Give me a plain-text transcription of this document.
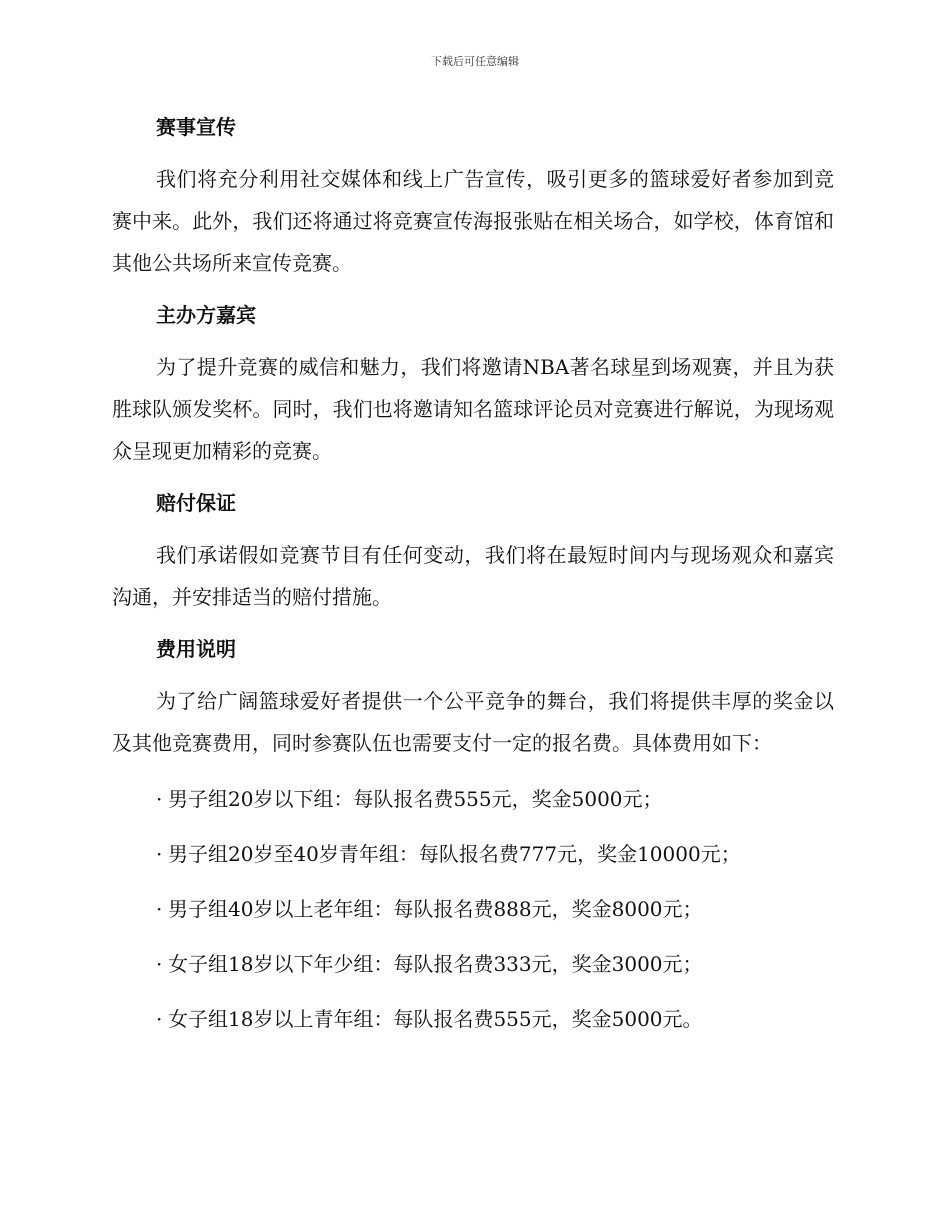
下载后可任意编辑
赛事宣传

我们将充分利用社交媒体和线上广告宣传，吸引更多的篮球爱好者参加到竞赛中来。此外，我们还将通过将竞赛宣传海报张贴在相关场合，如学校，体育馆和其他公共场所来宣传竞赛。

主办方嘉宾

为了提升竞赛的威信和魅力，我们将邀请NBA著名球星到场观赛，并且为获胜球队颁发奖杯。同时，我们也将邀请知名篮球评论员对竞赛进行解说，为现场观众呈现更加精彩的竞赛。

赔付保证

我们承诺假如竞赛节目有任何变动，我们将在最短时间内与现场观众和嘉宾沟通，并安排适当的赔付措施。

费用说明

为了给广阔篮球爱好者提供一个公平竞争的舞台，我们将提供丰厚的奖金以及其他竞赛费用，同时参赛队伍也需要支付一定的报名费。具体费用如下：

· 男子组20岁以下组：每队报名费555元，奖金5000元；
· 男子组20岁至40岁青年组：每队报名费777元，奖金10000元；
· 男子组40岁以上老年组：每队报名费888元，奖金8000元；
· 女子组18岁以下年少组：每队报名费333元，奖金3000元；
· 女子组18岁以上青年组：每队报名费555元，奖金5000元。
